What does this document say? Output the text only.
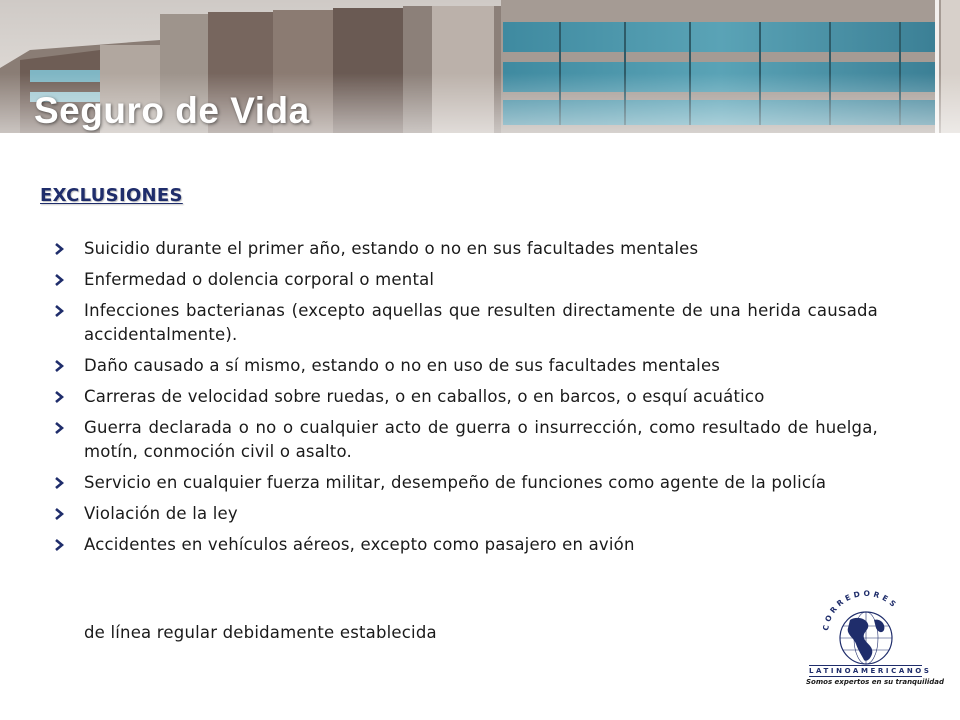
Seguro de Vida
EXCLUSIONES
Suicidio durante el primer año, estando o no en sus facultades mentales
Enfermedad o dolencia corporal o mental
Infecciones bacterianas (excepto aquellas que resulten directamente de una herida causada accidentalmente).
Daño causado a sí mismo, estando o no en uso de sus facultades mentales
Carreras de velocidad sobre ruedas, o en caballos, o en barcos, o esquí acuático
Guerra declarada o no o cualquier acto de guerra o insurrección, como resultado de huelga, motín, conmoción civil o asalto.
Servicio en cualquier fuerza militar, desempeño de funciones como agente de la policía
Violación de la ley
Accidentes en vehículos aéreos, excepto como pasajero en avión

de línea regular debidamente establecida	CORREDORES
LATINOAMERICANOS
Somos expertos en su tranquilidad
